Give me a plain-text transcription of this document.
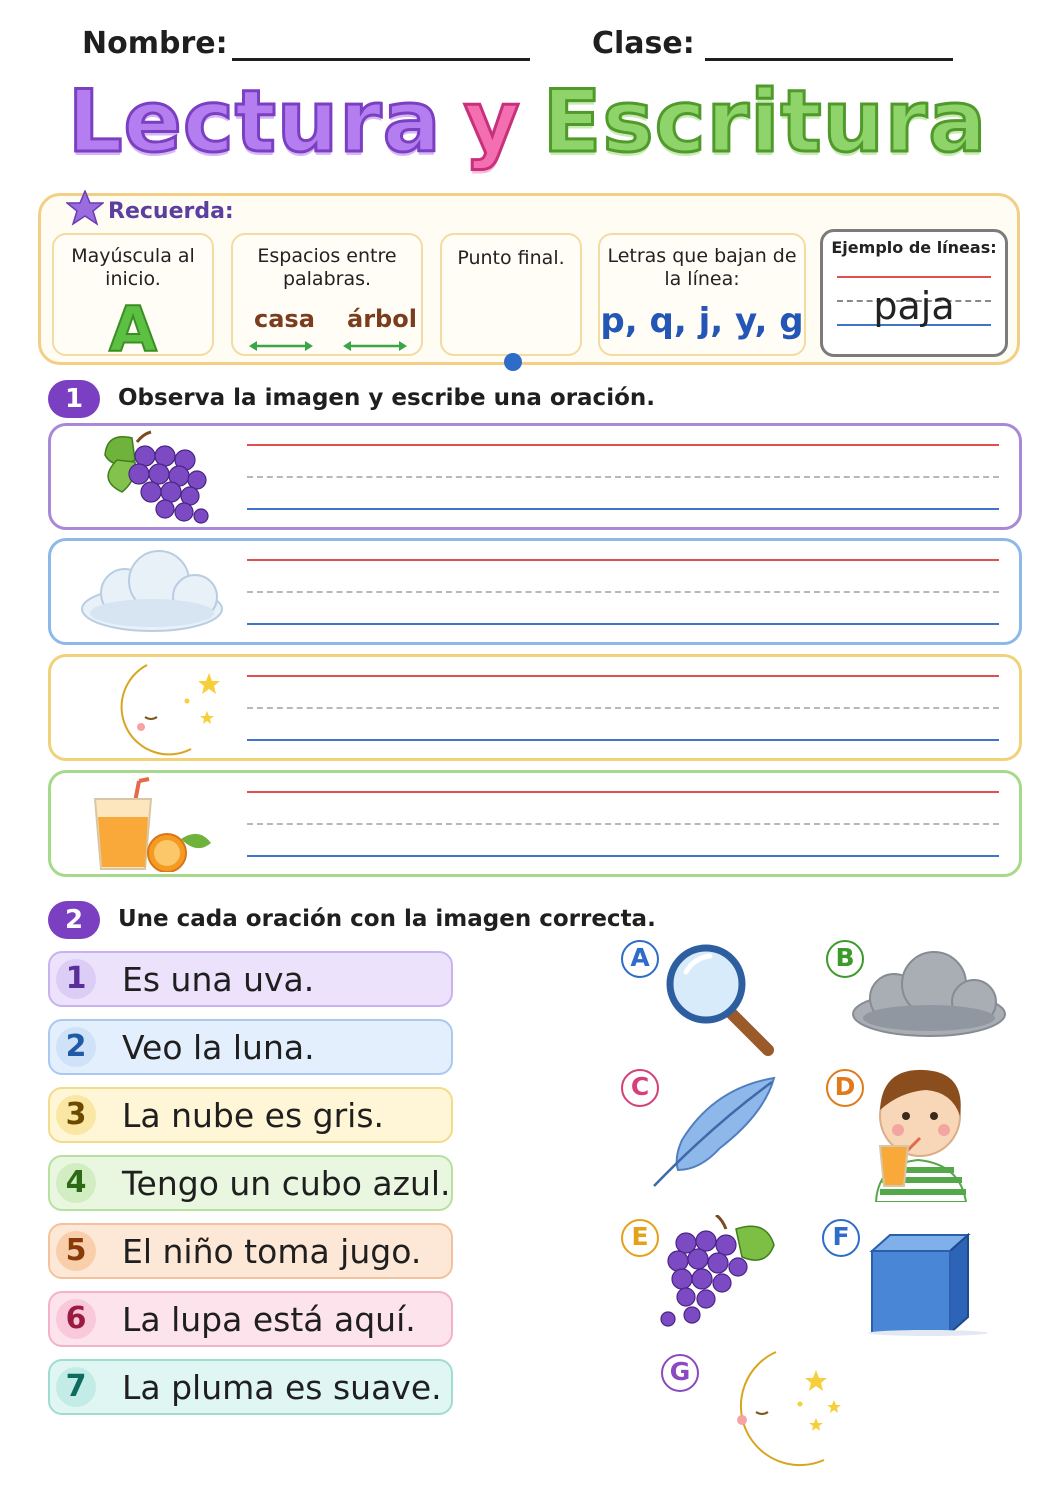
Nombre:	Clase:
Lectura y Escritura
Recuerda:
Mayúscula al inicio.
A
Espacios entre palabras.
casa árbol
Punto final.	Letras que bajan de la línea:
p, q, j, y, g
Ejemplo de líneas:
paja
1	Observa la imagen y escribe una oración.
2	Une cada oración con la imagen correcta.
1 Es una uva.
2 Veo la luna.
3 La nube es gris.
4 Tengo un cubo azul.
5 El niño toma jugo.
6 La lupa está aquí.
7 La pluma es suave.
A	B
C	D
E	F
G
